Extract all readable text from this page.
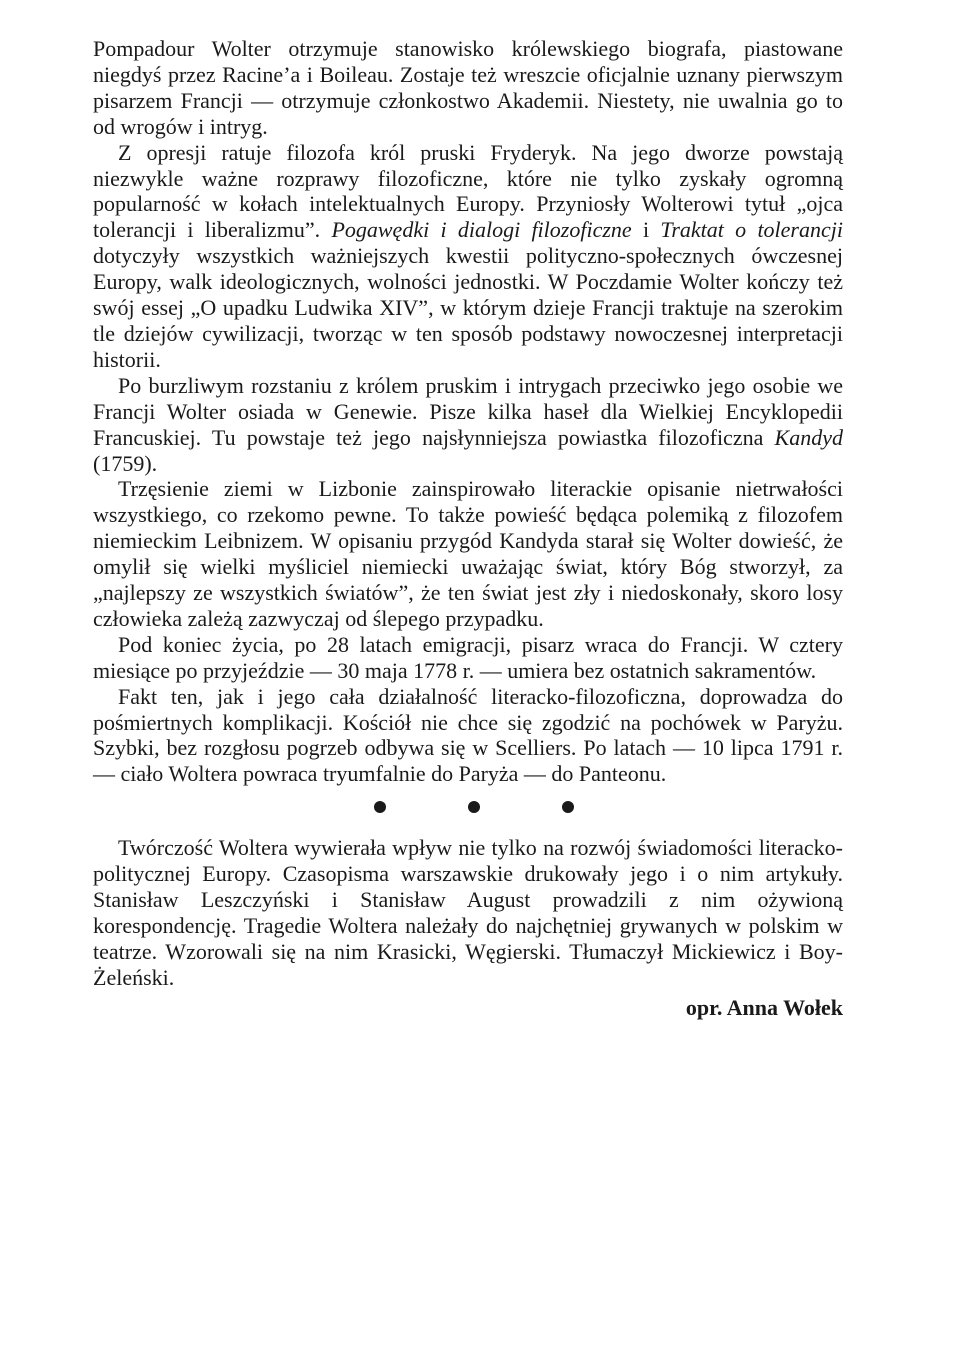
Pompadour Wolter otrzymuje stanowisko królewskiego biografa, piastowane niegdyś przez Racine’a i Boileau. Zostaje też wreszcie oficjalnie uznany pierwszym pisarzem Francji — otrzymuje członkostwo Akademii. Niestety, nie uwalnia go to od wrogów i intryg.

Z opresji ratuje filozofa król pruski Fryderyk. Na jego dworze powstają niezwykle ważne rozprawy filozoficzne, które nie tylko zyskały ogromną popularność w kołach intelektualnych Europy. Przyniosły Wolterowi tytuł „ojca tolerancji i liberalizmu”. Pogawędki i dialogi filozoficzne i Traktat o tolerancji dotyczyły wszystkich ważniejszych kwestii polityczno-społecznych ówczesnej Europy, walk ideologicznych, wolności jednostki. W Poczdamie Wolter kończy też swój essej „O upadku Ludwika XIV”, w którym dzieje Francji traktuje na szerokim tle dziejów cywilizacji, tworząc w ten sposób podstawy nowoczesnej interpretacji historii.

Po burzliwym rozstaniu z królem pruskim i intrygach przeciwko jego osobie we Francji Wolter osiada w Genewie. Pisze kilka haseł dla Wielkiej Encyklopedii Francuskiej. Tu powstaje też jego najsłynniejsza powiastka filozoficzna Kandyd (1759).

Trzęsienie ziemi w Lizbonie zainspirowało literackie opisanie nietrwałości wszystkiego, co rzekomo pewne. To także powieść będąca polemiką z filozofem niemieckim Leibnizem. W opisaniu przygód Kandyda starał się Wolter dowieść, że omylił się wielki myśliciel niemiecki uważając świat, który Bóg stworzył, za „najlepszy ze wszystkich światów”, że ten świat jest zły i niedoskonały, skoro losy człowieka zależą zazwyczaj od ślepego przypadku.

Pod koniec życia, po 28 latach emigracji, pisarz wraca do Francji. W cztery miesiące po przyjeździe — 30 maja 1778 r. — umiera bez ostatnich sakramentów.

Fakt ten, jak i jego cała działalność literacko-filozoficzna, doprowadza do pośmiertnych komplikacji. Kościół nie chce się zgodzić na pochówek w Paryżu. Szybki, bez rozgłosu pogrzeb odbywa się w Scelliers. Po latach — 10 lipca 1791 r. — ciało Woltera powraca tryumfalnie do Paryża — do Panteonu.

Twórczość Woltera wywierała wpływ nie tylko na rozwój świadomości literacko-politycznej Europy. Czasopisma warszawskie drukowały jego i o nim artykuły. Stanisław Leszczyński i Stanisław August prowadzili z nim ożywioną korespondencję. Tragedie Woltera należały do najchętniej grywanych w polskim w teatrze. Wzorowali się na nim Krasicki, Węgierski. Tłumaczył Mickiewicz i Boy-Żeleński.

opr. Anna Wołek
